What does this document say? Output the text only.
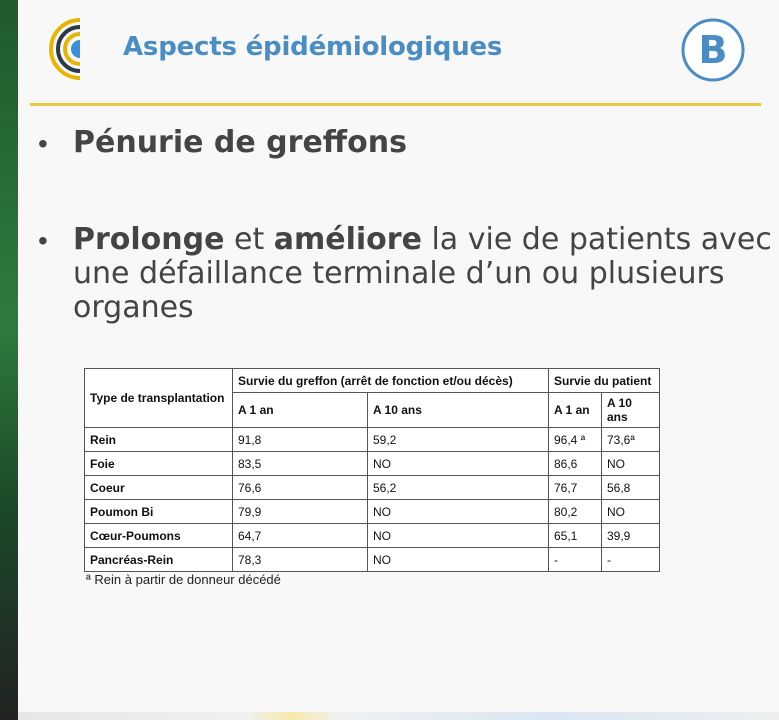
Aspects épidémiologiques	B
• Pénurie de greffons
• Prolonge et améliore la vie de patients avec
une défaillance terminale d’un ou plusieurs
organes
Type de transplantation	Survie du greffon (arrêt de fonction et/ou décès)		Survie du patient	
	A 1 an	A 10 ans	A 1 an	A 10 ans
Rein	91,8	59,2	96,4 ª	73,6ª
Foie	83,5	NO	86,6	NO
Coeur	76,6	56,2	76,7	56,8
Poumon Bi	79,9	NO	80,2	NO
Cœur-Poumons	64,7	NO	65,1	39,9
Pancréas-Rein	78,3	NO	-	-
ª Rein à partir de donneur décédé
